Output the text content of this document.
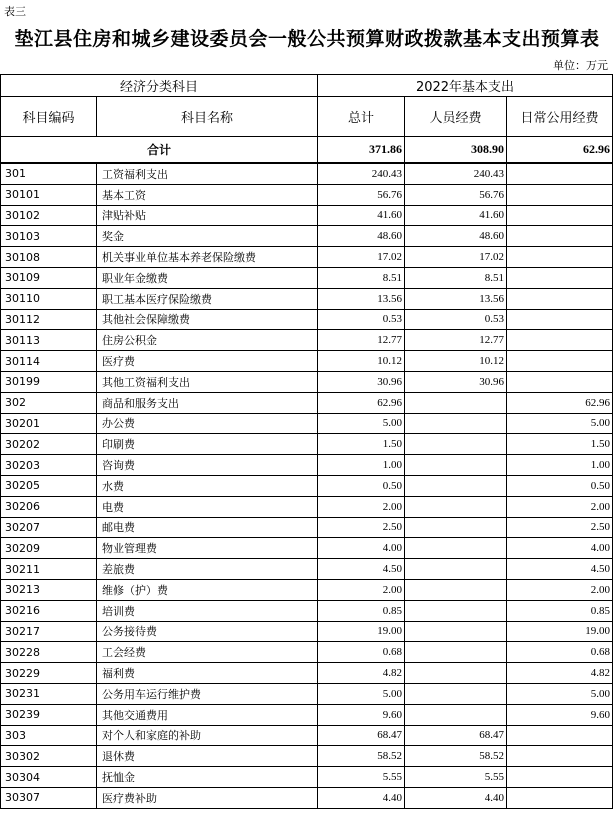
表三
垫江县住房和城乡建设委员会一般公共预算财政拨款基本支出预算表
单位：万元
经济分类科目		2022年基本支出		
科目编码	科目名称	总计	人员经费	日常公用经费
合计		371.86	308.90	62.96
301	工资福利支出	240.43	240.43	
30101	基本工资	56.76	56.76	
30102	津贴补贴	41.60	41.60	
30103	奖金	48.60	48.60	
30108	机关事业单位基本养老保险缴费	17.02	17.02	
30109	职业年金缴费	8.51	8.51	
30110	职工基本医疗保险缴费	13.56	13.56	
30112	其他社会保障缴费	0.53	0.53	
30113	住房公积金	12.77	12.77	
30114	医疗费	10.12	10.12	
30199	其他工资福利支出	30.96	30.96	
302	商品和服务支出	62.96		62.96
30201	办公费	5.00		5.00
30202	印刷费	1.50		1.50
30203	咨询费	1.00		1.00
30205	水费	0.50		0.50
30206	电费	2.00		2.00
30207	邮电费	2.50		2.50
30209	物业管理费	4.00		4.00
30211	差旅费	4.50		4.50
30213	维修（护）费	2.00		2.00
30216	培训费	0.85		0.85
30217	公务接待费	19.00		19.00
30228	工会经费	0.68		0.68
30229	福利费	4.82		4.82
30231	公务用车运行维护费	5.00		5.00
30239	其他交通费用	9.60		9.60
303	对个人和家庭的补助	68.47	68.47	
30302	退休费	58.52	58.52	
30304	抚恤金	5.55	5.55	
30307	医疗费补助	4.40	4.40	
